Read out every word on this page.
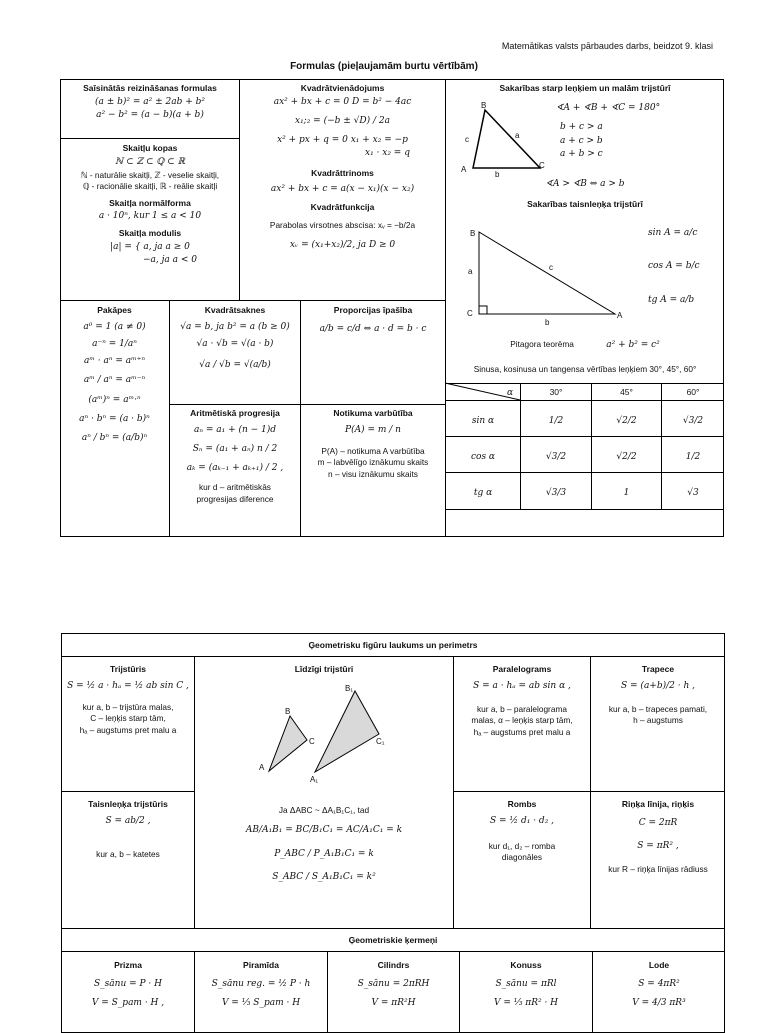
Matemātikas valsts pārbaudes darbs, beidzot 9. klasi
Formulas (pieļaujamām burtu vērtībām)
Saīsinātās reizināšanas formulas
(a ± b)² = a² ± 2ab + b²
a² − b² = (a − b)(a + b)
Skaitļu kopas
ℕ ⊂ ℤ ⊂ ℚ ⊂ ℝ
ℕ - naturālie skaitļi, ℤ - veselie skaitļi,
ℚ - racionālie skaitļi, ℝ - reālie skaitļi
Skaitļa normālforma
a · 10ⁿ, kur 1 ≤ a < 10
Skaitļa modulis
|a| = { a, ja a ≥ 0
−a, ja a < 0
Kvadrātvienādojums
ax² + bx + c = 0 D = b² − 4ac
x₁;₂ = (−b ± √D) / 2a
x² + px + q = 0 x₁ + x₂ = −p
x₁ · x₂ = q
Kvadrāttrinoms
ax² + bx + c = a(x − x₁)(x − x₂)
Kvadrātfunkcija
Parabolas virsotnes abscisa: xᵥ = −b/2a
xᵥ = (x₁+x₂)/2, ja D ≥ 0
Pakāpes
a⁰ = 1 (a ≠ 0)
a⁻ⁿ = 1/aⁿ
aᵐ · aⁿ = aᵐ⁺ⁿ
aᵐ / aⁿ = aᵐ⁻ⁿ
(aᵐ)ⁿ = aᵐ·ⁿ
aⁿ · bⁿ = (a · b)ⁿ
aⁿ / bⁿ = (a/b)ⁿ
Kvadrātsaknes
√a = b, ja b² = a (b ≥ 0)
√a · √b = √(a · b)
√a / √b = √(a/b)
Proporcijas īpašība
a/b = c/d ⇔ a · d = b · c
Aritmētiskā progresija
aₙ = a₁ + (n − 1)d
Sₙ = (a₁ + aₙ) n / 2
aₖ = (aₖ₋₁ + aₖ₊₁) / 2 ,
kur d – aritmētiskās
progresijas diference
Notikuma varbūtība
P(A) = m / n
P(A) – notikuma A varbūtība
m – labvēlīgo iznākumu skaits
n – visu iznākumu skaits
Sakarības starp leņķiem un malām trijstūrī
B
A	C
c	a
b
∢A + ∢B + ∢C = 180°
b + c > a
a + c > b
a + b > c
∢A > ∢B ⇔ a > b
Sakarības taisnleņķa trijstūrī
B
C	A
a	c
b
sin A = a/c
cos A = b/c
tg A = a/b
Pitagora teorēma	a² + b² = c²
Sinusa, kosinusa un tangensa vērtības leņķiem 30°, 45°, 60°
α	30°	45°	60°
sin α	1/2	√2/2	√3/2
cos α	√3/2	√2/2	1/2
tg α	√3/3	1	√3
Ģeometrisku figūru laukums un perimetrs
Trijstūris
S = ½ a · hₐ = ½ ab sin C ,
kur a, b – trijstūra malas,
C – leņķis starp tām,
hₐ – augstums pret malu a
Līdzīgi trijstūri
B
C
A
B₁
C₁
A₁
Ja ΔABC ~ ΔA₁B₁C₁, tad
AB/A₁B₁ = BC/B₁C₁ = AC/A₁C₁ = k
P_ABC / P_A₁B₁C₁ = k
S_ABC / S_A₁B₁C₁ = k²
Paralelograms
S = a · hₐ = ab sin α ,
kur a, b – paralelograma
malas, α – leņķis starp tām,
hₐ – augstums pret malu a
Trapece
S = (a+b)/2 · h ,
kur a, b – trapeces pamati,
h – augstums
Taisnleņķa trijstūris
S = ab/2 ,
kur a, b – katetes
Rombs
S = ½ d₁ · d₂ ,
kur d₁, d₂ – romba
diagonāles
Riņķa līnija, riņķis
C = 2πR
S = πR² ,
kur R – riņķa līnijas rādiuss
Ģeometriskie ķermeņi
Prizma
S_sānu = P · H
V = S_pam · H ,
Piramīda
S_sānu reg. = ½ P · h
V = ⅓ S_pam · H
Cilindrs
S_sānu = 2πRH
V = πR²H
Konuss
S_sānu = πRl
V = ⅓ πR² · H
Lode
S = 4πR²
V = 4/3 πR³
